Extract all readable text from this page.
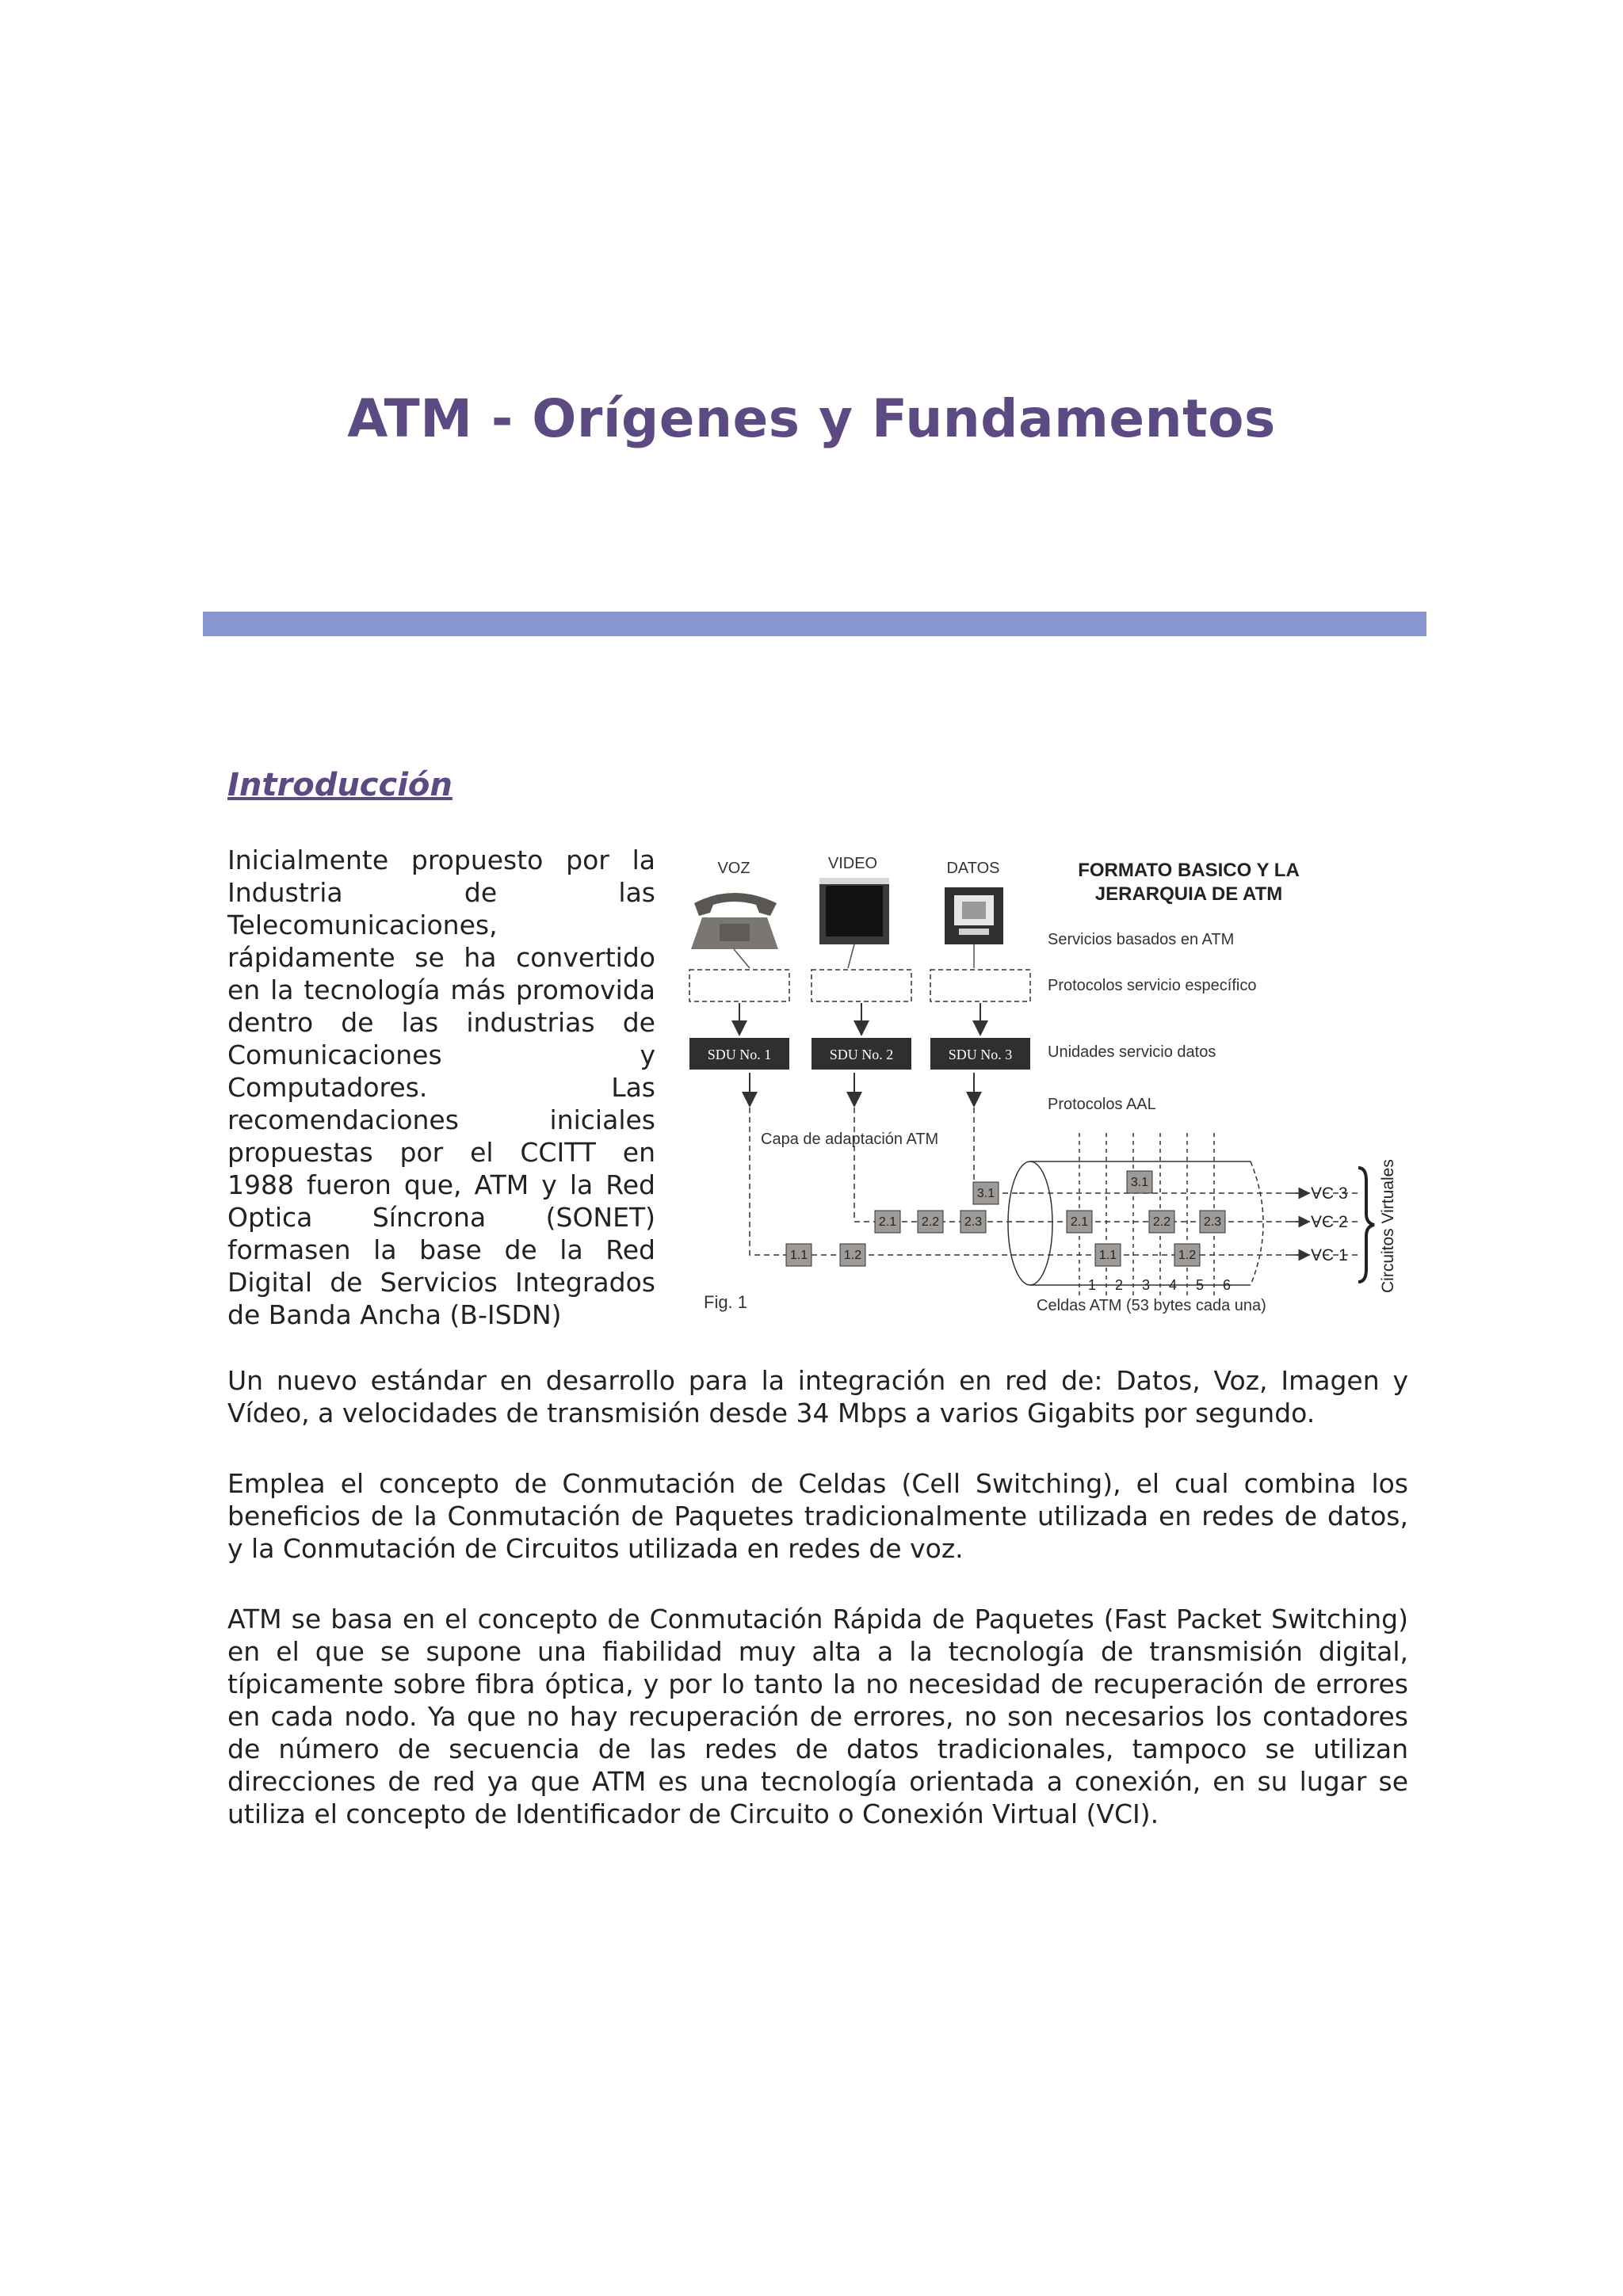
ATM - Orígenes y Fundamentos
Introducción

Inicialmente propuesto por la Industria de las Telecomunicaciones, rápidamente se ha convertido en la tecnología más promovida dentro de las industrias de Comunicaciones y Computadores. Las recomendaciones iniciales propuestas por el CCITT en 1988 fueron que, ATM y la Red Optica Síncrona (SONET) formasen la base de la Red Digital de Servicios Integrados de Banda Ancha (B-ISDN)

VOZ	VIDEO	DATOS	FORMATO BASICO Y LA
JERARQUIA DE ATM
Servicios basados en ATM
Protocolos servicio específico
Unidades servicio datos
Protocolos AAL
SDU No. 1	SDU No. 2	SDU No. 3
Capa de adaptación ATM
1.1	1.2
2.1 2.2 2.3
3.1
3.1
2.1	2.2	2.3
1.1	1.2
VC 3
VC 2
VC 1 Circuitos Virtuales
1 2 3 4 5 6
Fig. 1	Celdas ATM (53 bytes cada una)

Un nuevo estándar en desarrollo para la integración en red de: Datos, Voz, Imagen y Vídeo, a velocidades de transmisión desde 34 Mbps a varios Gigabits por segundo.

Emplea el concepto de Conmutación de Celdas (Cell Switching), el cual combina los beneficios de la Conmutación de Paquetes tradicionalmente utilizada en redes de datos, y la Conmutación de Circuitos utilizada en redes de voz.

ATM se basa en el concepto de Conmutación Rápida de Paquetes (Fast Packet Switching) en el que se supone una fiabilidad muy alta a la tecnología de transmisión digital, típicamente sobre fibra óptica, y por lo tanto la no necesidad de recuperación de errores en cada nodo. Ya que no hay recuperación de errores, no son necesarios los contadores de número de secuencia de las redes de datos tradicionales, tampoco se utilizan direcciones de red ya que ATM es una tecnología orientada a conexión, en su lugar se utiliza el concepto de Identificador de Circuito o Conexión Virtual (VCI).
